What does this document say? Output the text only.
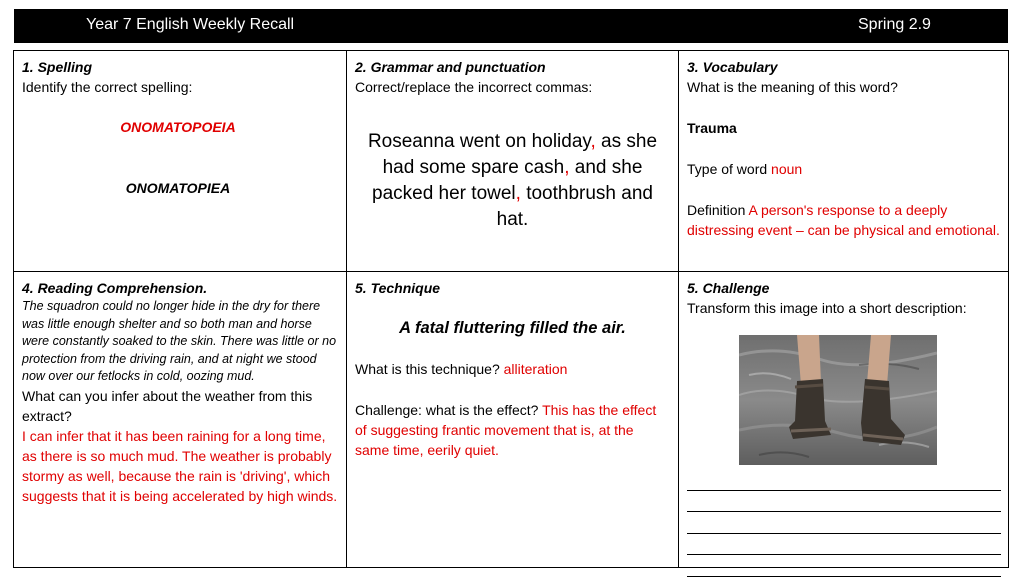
Year 7 English Weekly Recall	Spring 2.9
1. Spelling
Identify the correct spelling:
ONOMATOPOEIA
ONOMATOPIEA
2. Grammar and punctuation
Correct/replace the incorrect commas:
Roseanna went on holiday, as she had some spare cash, and she packed her towel, toothbrush and hat.
3. Vocabulary
What is the meaning of this word?
Trauma
Type of word noun
Definition A person's response to a deeply distressing event – can be physical and emotional.
4. Reading Comprehension.
The squadron could no longer hide in the dry for there was little enough shelter and so both man and horse were constantly soaked to the skin. There was little or no protection from the driving rain, and at night we stood now over our fetlocks in cold, oozing mud.
What can you infer about the weather from this extract?
I can infer that it has been raining for a long time, as there is so much mud. The weather is probably stormy as well, because the rain is 'driving', which suggests that it is being accelerated by high winds.
5. Technique
A fatal fluttering filled the air.
What is this technique? alliteration
Challenge: what is the effect? This has the effect of suggesting frantic movement that is, at the same time, eerily quiet.
5. Challenge
Transform this image into a short description:
